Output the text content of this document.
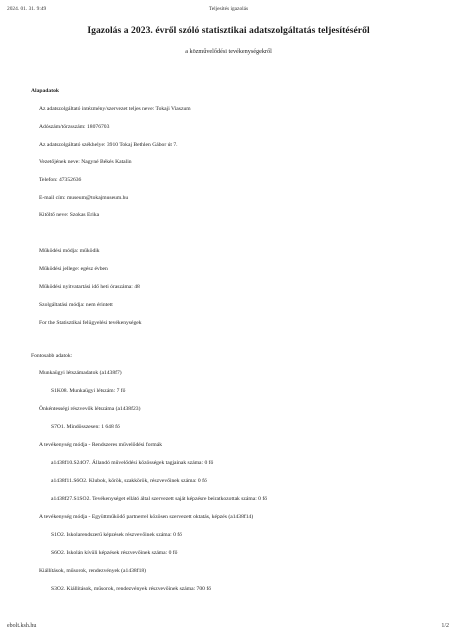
2024. 01. 31. 9:49	Teljesítés igazolás
Igazolás a 2023. évről szóló statisztikai adatszolgáltatás teljesítéséről
a közművelődési tevékenységekről
Alapadatok
Az adatszolgáltató intézmény/szervezet teljes neve: Tokaji Viaszum
Adószám/törzsszám: 18076703
Az adatszolgáltató székhelye: 3910 Tokaj Bethlen Gábor út 7.
Vezetőjének neve: Nagyné Békés Katalin
Telefon: 47352636
E-mail cím: museum@tokajmuseum.hu
Kitöltő neve: Szokas Erika
Működési módja: működik
Működési jellege: egész évben
Működési nyitvatartási idő heti óraszáma: 48
Szolgáltatási módja: nem érintett
For the Statisztikai felügyelési tevékenységek
Fontosabb adatok:
Munkaügyi létszámadatok (a1438f7)
S1K08. Munkaügyi létszám: 7 fő
Önkéntességi részvevők létszáma (a1438f23)
S7O1. Mindösszesen: 1 648 fő
A tevékenység módja - Rendszeres művelődési formák
a1438f10.S24O7. Állandó művelődési közösségek tagjainak száma: 0 fő
a1438f11.S6O2. Klubok, körök, szakkörök, részvevőinek száma: 0 fő
a1438f27.S1SO2. Tevékenységet ellátó által szervezett saját képzésre beiratkozottak száma: 0 fő
A tevékenység módja - Együttműködő partnerrel közösen szervezett oktatás, képzés (a1438f14)
S1O2. Iskolarendszerű képzések részvevőinek száma: 0 fő
S6O2. Iskolán kívüli képzések részvevőinek száma: 0 fő
Kiállítások, műsorok, rendezvények (a1438f18)
S3O2. Kiállítások, műsorok, rendezvények részvevőinek száma: 700 fő
ebolt.ksh.hu	1/2
